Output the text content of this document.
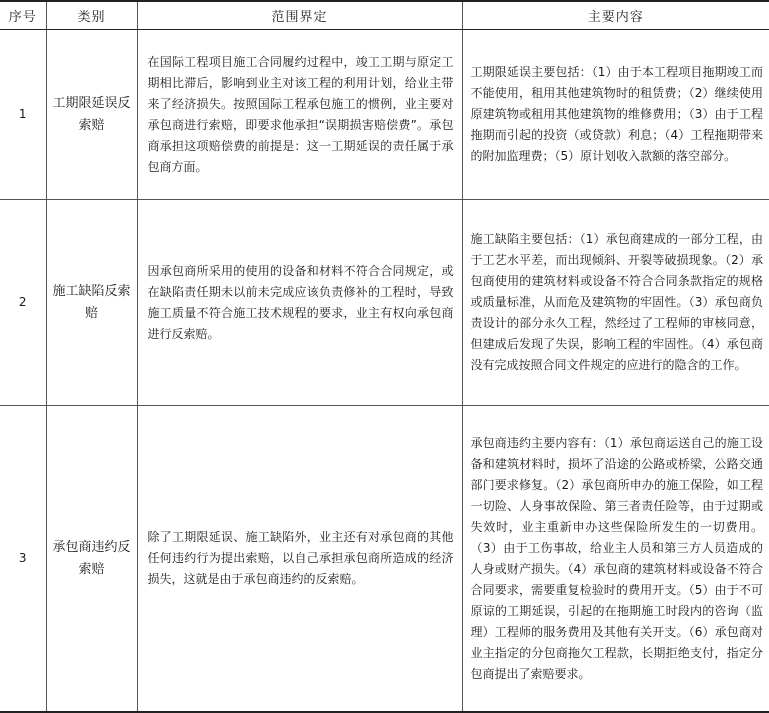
序号	类别	范围界定	主要内容
1	工期限延误反索赔	在国际工程项目施工合同履约过程中，竣工工期与原定工期相比滞后，影响到业主对该工程的利用计划，给业主带来了经济损失。按照国际工程承包施工的惯例，业主要对承包商进行索赔，即要求他承担“误期损害赔偿费”。承包商承担这项赔偿费的前提是：这一工期延误的责任属于承包商方面。	工期限延误主要包括：（1）由于本工程项目拖期竣工而不能使用，租用其他建筑物时的租赁费；（2）继续使用原建筑物或租用其他建筑物的维修费用；（3）由于工程拖期而引起的投资（或贷款）利息；（4）工程拖期带来的附加监理费；（5）原计划收入款额的落空部分。

2	施工缺陷反索赔	因承包商所采用的使用的设备和材料不符合合同规定，或在缺陷责任期未以前未完成应该负责修补的工程时，导致施工质量不符合施工技术规程的要求，业主有权向承包商进行反索赔。	施工缺陷主要包括：（1）承包商建成的一部分工程，由于工艺水平差，而出现倾斜、开裂等破损现象。（2）承包商使用的建筑材料或设备不符合合同条款指定的规格或质量标准，从而危及建筑物的牢固性。（3）承包商负责设计的部分永久工程，然经过了工程师的审核同意，但建成后发现了失误，影响工程的牢固性。（4）承包商没有完成按照合同文件规定的应进行的隐含的工作。

3	承包商违约反索赔	除了工期限延误、施工缺陷外，业主还有对承包商的其他任何违约行为提出索赔，以自己承担承包商所造成的经济损失，这就是由于承包商违约的反索赔。	承包商违约主要内容有：（1）承包商运送自己的施工设备和建筑材料时，损坏了沿途的公路或桥梁，公路交通部门要求修复。（2）承包商所申办的施工保险，如工程一切险、人身事故保险、第三者责任险等，由于过期或失效时，业主重新申办这些保险所发生的一切费用。（3）由于工伤事故，给业主人员和第三方人员造成的人身或财产损失。（4）承包商的建筑材料或设备不符合合同要求，需要重复检验时的费用开支。（5）由于不可原谅的工期延误，引起的在拖期施工时段内的咨询（监理）工程师的服务费用及其他有关开支。（6）承包商对业主指定的分包商拖欠工程款，长期拒绝支付，指定分包商提出了索赔要求。
